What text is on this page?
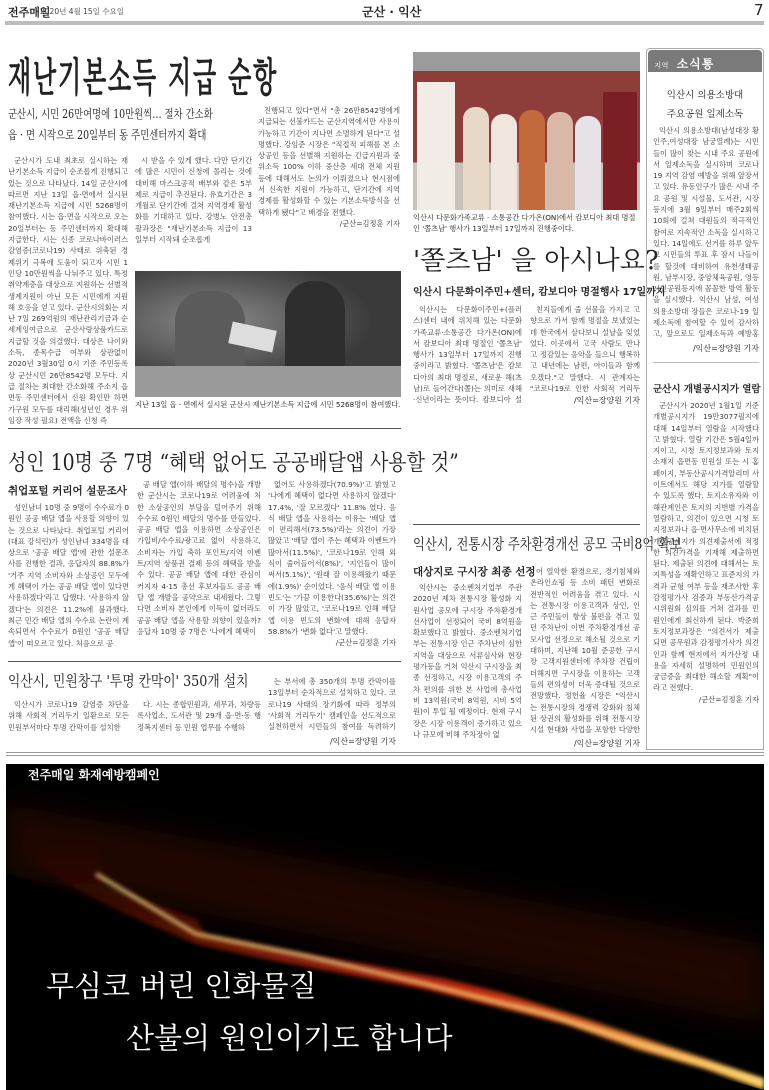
전주매일
2020년 4월 15일 수요일	군산 · 익산	7
재난기본소득 지급 순항
군산시, 시민 26만여명에 10만원씩… 절차 간소화
읍 · 면 시작으로 20일부터 동 주민센터까지 확대
군산시가 도내 최초로 실시하는 재난기본소득 지급이 순조롭게 진행되고 있는 것으로 나타났다. 14일 군산시에 따르면 지난 13일 읍·면에서 실시된 재난기본소득 지급에 시민 5268명이 참여했다. 시는 읍·면을 시작으로 오는 20일부터는 동 주민센터까지 확대해 지급한다. 시는 신종 코로나바이러스 감염증(코로나19) 사태로 위축된 경제위기 극복에 도움이 되고자 시민 1인당 10만원씩을 나눠주고 있다. 특정 취약계층을 대상으로 지원하는 선별적 생계지원이 아닌 모든 시민에게 지원해 호응을 얻고 있다. 군산시의회는 지난 7일 269억원의 재난관리기금과 순세계잉여금으로 군산사랑상품카드로 지급할 것을 의결했다. 대상은 나이와 소득, 종목수급 여부와 상관없이 2020년 3월30일 0시 기준 주민등록상 군산시민 26만8542명 모두다. 지급 절차는 최대한 간소화해 주소지 읍면동 주민센터에서 신원 확인만 하면 가구원 모두를 대리해(성년인 경우 위임장 작성 필요) 전액을 신청 즉
시 받을 수 있게 했다. 다만 단기간에 많은 시민이 신청에 몰리는 것에 대비해 마스크공적 배부와 같은 5부제로 지급이 추진된다. 유효기간은 3개월로 단기간에 걸쳐 지역경제 활성화를 기대하고 있다. 강병노 안전총괄과장은 "재난기본소득 지급이 13일부터 시작돼 순조롭게
진행되고 있다"면서 "총 26만8542명에게 지급되는 선불카드는 군산지역에서만 사용이 가능하고 기간이 지나면 소멸하게 된다"고 설명했다. 강임준 시장은 "직접적 피해를 본 소상공인 등을 선별해 지원하는 긴급지원과 중위소득 100% 이하 중산층 세대 전체 지원 등에 대해서도 논의가 이뤄졌으나 현시점에서 신속한 지원이 가능하고, 단기간에 지역 경제를 활성화할 수 있는 기본소득방식을 선택하게 됐다"고 배경을 전했다.
/군산=김정훈 기자
지난 13일 읍 · 면에서 실시된 군산시 재난기본소득 지급에 시민 5268명이 참여했다.
익산시 다문화가족교류 · 소통공간 다가온(ON)에서 캄보디아 최대 명절인 '쫄츠남' 행사가 13일부터 17일까지 진행중이다.
'쫄츠남' 을 아시나요?
익산시 다문화이주민+센터, 캄보디아 명절행사 17일까지
익산시는 다문화이주민+(플러스)센터 내에 위치해 있는 다문화가족교류·소통공간 다가온(ON)에서 캄보디아 최대 명절인 '쫄츠남' 행사가 13일부터 17일까지 진행중이라고 밝혔다. '쫄츠남'은 캄보디아의 최대 명절로, 새로운 해(츠남)로 들어간다(쫄)는 의미로 새해·신년이라는 뜻이다. 캄보디아 설
친지들에게 줄 선물을 가지고 고향으로 가서 함께 명절을 보냈었는데 한국에서 살다보니 설날을 잊었었다. 이곳에서 고국 사람도 만나고 정감있는 음악을 들으니 행복하고 내년에는 남편, 아이들과 함께 오겠다."고 말했다. 시 관계자는 "코로나19로 인한 사회적 거리두
/익산=장양원 기자
성인 10명 중 7명 “혜택 없어도 공공배달앱 사용할 것”
취업포털 커리어 설문조사
성인남녀 10명 중 9명이 수수료가 0원인 공공 배달 앱을 사용할 의향이 있는 것으로 나타났다. 취업포털 커리어(대표 강석린)가 성인남녀 334명을 대상으로 '공공 배달 앱'에 관한 설문조사를 진행한 결과, 응답자의 88.8%가 '거주 지역 소비자와 소상공인 모두에게 혜택이 가는 공공 배달 앱이 있다면 사용하겠다'라고 답했다. '사용하지 않겠다'는 의견은 11.2%에 불과했다. 최근 민간 배달 앱의 수수료 논란이 계속되면서 수수료가 0원인 '공공 배달 앱'이 떠오르고 있다. 처음으로 공
공 배달 앱(이하 배달의 명수)을 개발한 군산시는 코로나19로 어려움에 처한 소상공인의 부담을 덜어주기 위해 수수료 0원인 배달의 명수를 만들었다. 공공 배달 앱을 이용하면 소상공인은 가입비/수수료/광고료 없이 사용하고, 소비자는 가입 축하 포인트/지역 이벤트/지역 상품권 결제 등의 혜택을 받을 수 있다. 공공 배달 앱에 대한 관심이 커지자 4·15 총선 후보자들도 공공 배달 앱 개발을 공약으로 내세웠다. 그렇다면 소비자 본인에게 이득이 없더라도 공공 배달 앱을 사용할 의향이 있을까? 응답자 10명 중 7명은 '나에게 혜택이
없어도 사용하겠다(70.9%)'고 밝혔고 '나에게 혜택이 없다면 사용하지 않겠다' 17.4%, '잘 모르겠다' 11.8% 였다. 음식 배달 앱을 사용하는 이유는 '배달 앱이 편리해서(73.5%)'라는 의견이 가장 많았고 '배달 앱이 주는 혜택과 이벤트가 많아서(11.5%)', '코로나19로 인해 외식이 줄어들어서(8%)', '지인들이 많이 써서(5.1%)', '원래 잘 이용해왔기 때문에(1.9%)' 순이었다. '음식 배달 앱 이용 빈도'는 '가끔 이용한다(35.6%)'는 의견이 가장 많았고, '코로나19로 인해 배달 앱 이용 빈도의 변화'에 대해 응답자 58.8%가 '변화 없다'고 말했다.
/군산=김정훈 기자
익산시, 전통시장 주차환경개선 공모 국비8억 확보
대상지로 구시장 최종 선정
익산시는 중소벤처기업부 주관 2020년 제차 전통시장 활성화 지원사업 공모에 구시장 주차환경개선사업이 선정되어 국비 8억원을 확보했다고 밝혔다. 중소벤처기업부는 전통시장 인근 주차난이 심한 지역을 대상으로 서류심사와 현장 평가등을 거쳐 익산시 구시장을 최종 선정하고, 시장 이용고객의 주차 편의를 위한 본 사업에 총사업비 13억원(국비 8억원, 시비 5억원)이 투입 될 예정이다. 현재 구시장은 시장 이용객이 증가하고 있으나 규모에 비해 주차장이 없
어 열악한 환경으로, 경기침체와 온라인쇼핑 등 소비 패턴 변화로 전반적인 어려움을 겪고 있다. 시는 전통시장 이용고객과 상인, 인근 주민들이 항상 불편을 겪고 있던 주차난이 이번 주차환경개선 공모사업 선정으로 해소될 것으로 기대하며, 지난해 10월 준공한 구시장 고객지원센터에 주차장 건립이 더해지면 구시장을 이용하는 고객들의 편의성이 더욱 증대될 것으로 전망했다. 정헌율 시장은 "익산시는 전통시장의 경쟁력 강화와 침체된 상권의 활성화를 위해 전통시장 시설 현대화 사업을 포함한 다양한
/익산=장양원 기자
익산시, 민원창구 '투명 칸막이' 350개 설치
익산시가 코로나19 감염증 차단을 위해 사회적 거리두기 일환으로 모든 민원부서마다 투명 칸막이를 설치한
다. 시는 종합민원과, 세무과, 차량등록사업소, 도서관 및 29개 읍·면·동 행정복지센터 등 민원 업무를 수행하
는 부서에 총 350개의 투명 칸막이를 13일부터 순차적으로 설치하고 있다. 코로나19 사태의 장기화에 따라 정부의 '사회적 거리두기' 캠페인을 선도적으로 실천하면서 시민들의 참여를 독려하기
/익산=장양원 기자
지역 소식통
익산시 의용소방대
주요공원 일제소독
익산시 의용소방대(남성대장 황인주,여성대장 남궁열례)는 시민들이 많이 찾는 시내 주요 공원에서 일제소독을 실시하며 코로나19 지역 감염 예방을 위해 앞장서고 있다. 유동인구가 많은 시내 주요 공원 및 시설물, 도서관, 시장 등지에 3월 9일부터 매주2회씩 10회에 걸쳐 대원들의 적극적인 참여로 지속적인 소독을 실시하고 있다. 14일에도 선거를 하루 앞두고 시민들의 투표 후 잠시 나들이를 할것에 대비하여 유천생태공원, 남부시장, 중앙체육공원, 영등시민공원등지에 꼼꼼한 방역 활동을 실시했다. 익산시 남성, 여성 의용소방대 장들은 코로나-19 일제소독에 참여할 수 있어 감사하고, 앞으로도 일제소독과 예방홍
/익산=장양원 기자
군산시 개별공시지가 열람
군산시가 2020년 1월1일 기준 개별공시지가 19만3077필지에 대해 14일부터 열람을 시작했다고 밝혔다. 열람 기간은 5월4일까지이고, 시청 토지정보과와 토지소재지 읍면동 민원실 또는 시 홈페이지, 부동산공시가격알리미 사이트에서도 해당 지가를 열람할 수 있도록 했다. 토지소유자와 이해관계인은 토지의 지번별 가격을 열람하고, 의견이 있으면 시청 토지정보과나 읍·면사무소에 비치된 개별공시지가 의견제출서에 적정한 의견가격을 기재해 제출하면 된다. 제출된 의견에 대해서는 토지특성을 재확인하고 표준지의 가격과 균형 여부 등을 재조사한 후 감정평가사 검증과 부동산가격공시위원회 심의를 거쳐 결과를 민원인에게 회신하게 된다. 박준희 토지정보과장은 "의견서가 제출되면 공무원과 감정평가사가 의견인과 함께 현지에서 지가산정 내용을 자세히 설명하여 민원인의 궁금증을 최대한 해소할 계획"이라고 전했다.
/군산=김정훈 기자
전주매일 화재예방캠페인
무심코 버린 인화물질
산불의 원인이기도 합니다
